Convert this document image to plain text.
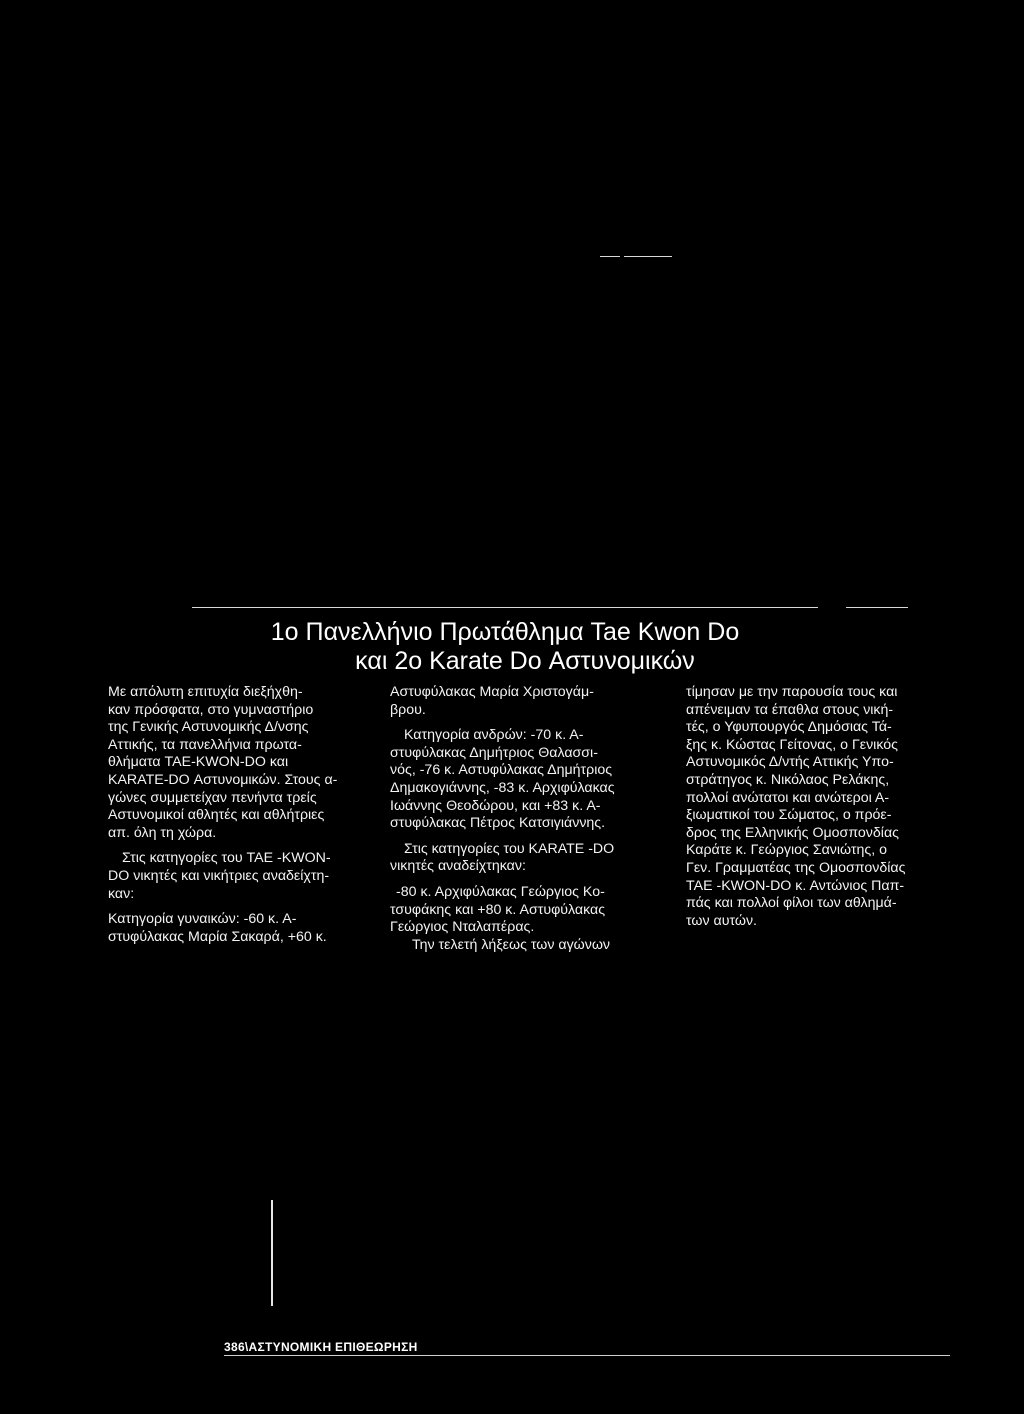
1ο Πανελλήνιο Πρωτάθλημα Tae Kwon Do
και 2ο Karate Do Αστυνομικών

Με απόλυτη επιτυχία διεξήχθη-

καν πρόσφατα, στο γυμναστήριο

της Γενικής Αστυνομικής Δ/νσης

Αττικής, τα πανελλήνια πρωτα-

θλήματα TAE-KWON-DO και

KARATE-DO Αστυνομικών. Στους α-

γώνες συμμετείχαν πενήντα τρείς

Αστυνομικοί αθλητές και αθλήτριες

απ. όλη τη χώρα.

Στις κατηγορίες του TAE -KWON-

DO νικητές και νικήτριες αναδείχτη-

καν:

Κατηγορία γυναικών: -60 κ. Α-

στυφύλακας Μαρία Σακαρά, +60 κ.

Αστυφύλακας Μαρία Χριστογάμ-

βρου.

Κατηγορία ανδρών: -70 κ. Α-

στυφύλακας Δημήτριος Θαλασσι-

νός, -76 κ. Αστυφύλακας Δημήτριος

Δημακογιάννης, -83 κ. Αρχιφύλακας

Ιωάννης Θεοδώρου, και +83 κ. Α-

στυφύλακας Πέτρος Κατσιγιάννης.

Στις κατηγορίες του KARATE -DO

νικητές αναδείχτηκαν:

-80 κ. Αρχιφύλακας Γεώργιος Κο-

τσυφάκης και +80 κ. Αστυφύλακας

Γεώργιος Νταλαπέρας.

Την τελετή λήξεως των αγώνων

τίμησαν με την παρουσία τους και

απένειμαν τα έπαθλα στους νική-

τές, ο Υφυπουργός Δημόσιας Τά-

ξης κ. Κώστας Γείτονας, ο Γενικός

Αστυνομικός Δ/ντής Αττικής Υπο-

στράτηγος κ. Νικόλαος Ρελάκης,

πολλοί ανώτατοι και ανώτεροι Α-

ξιωματικοί του Σώματος, ο πρόε-

δρος της Ελληνικής Ομοσπονδίας

Καράτε κ. Γεώργιος Σανιώτης, ο

Γεν. Γραμματέας της Ομοσπονδίας

TAE -KWON-DO κ. Αντώνιος Παπ-

πάς και πολλοί φίλοι των αθλημά-

των αυτών.

386\ΑΣΤΥΝΟΜΙΚΗ ΕΠΙΘΕΩΡΗΣΗ
